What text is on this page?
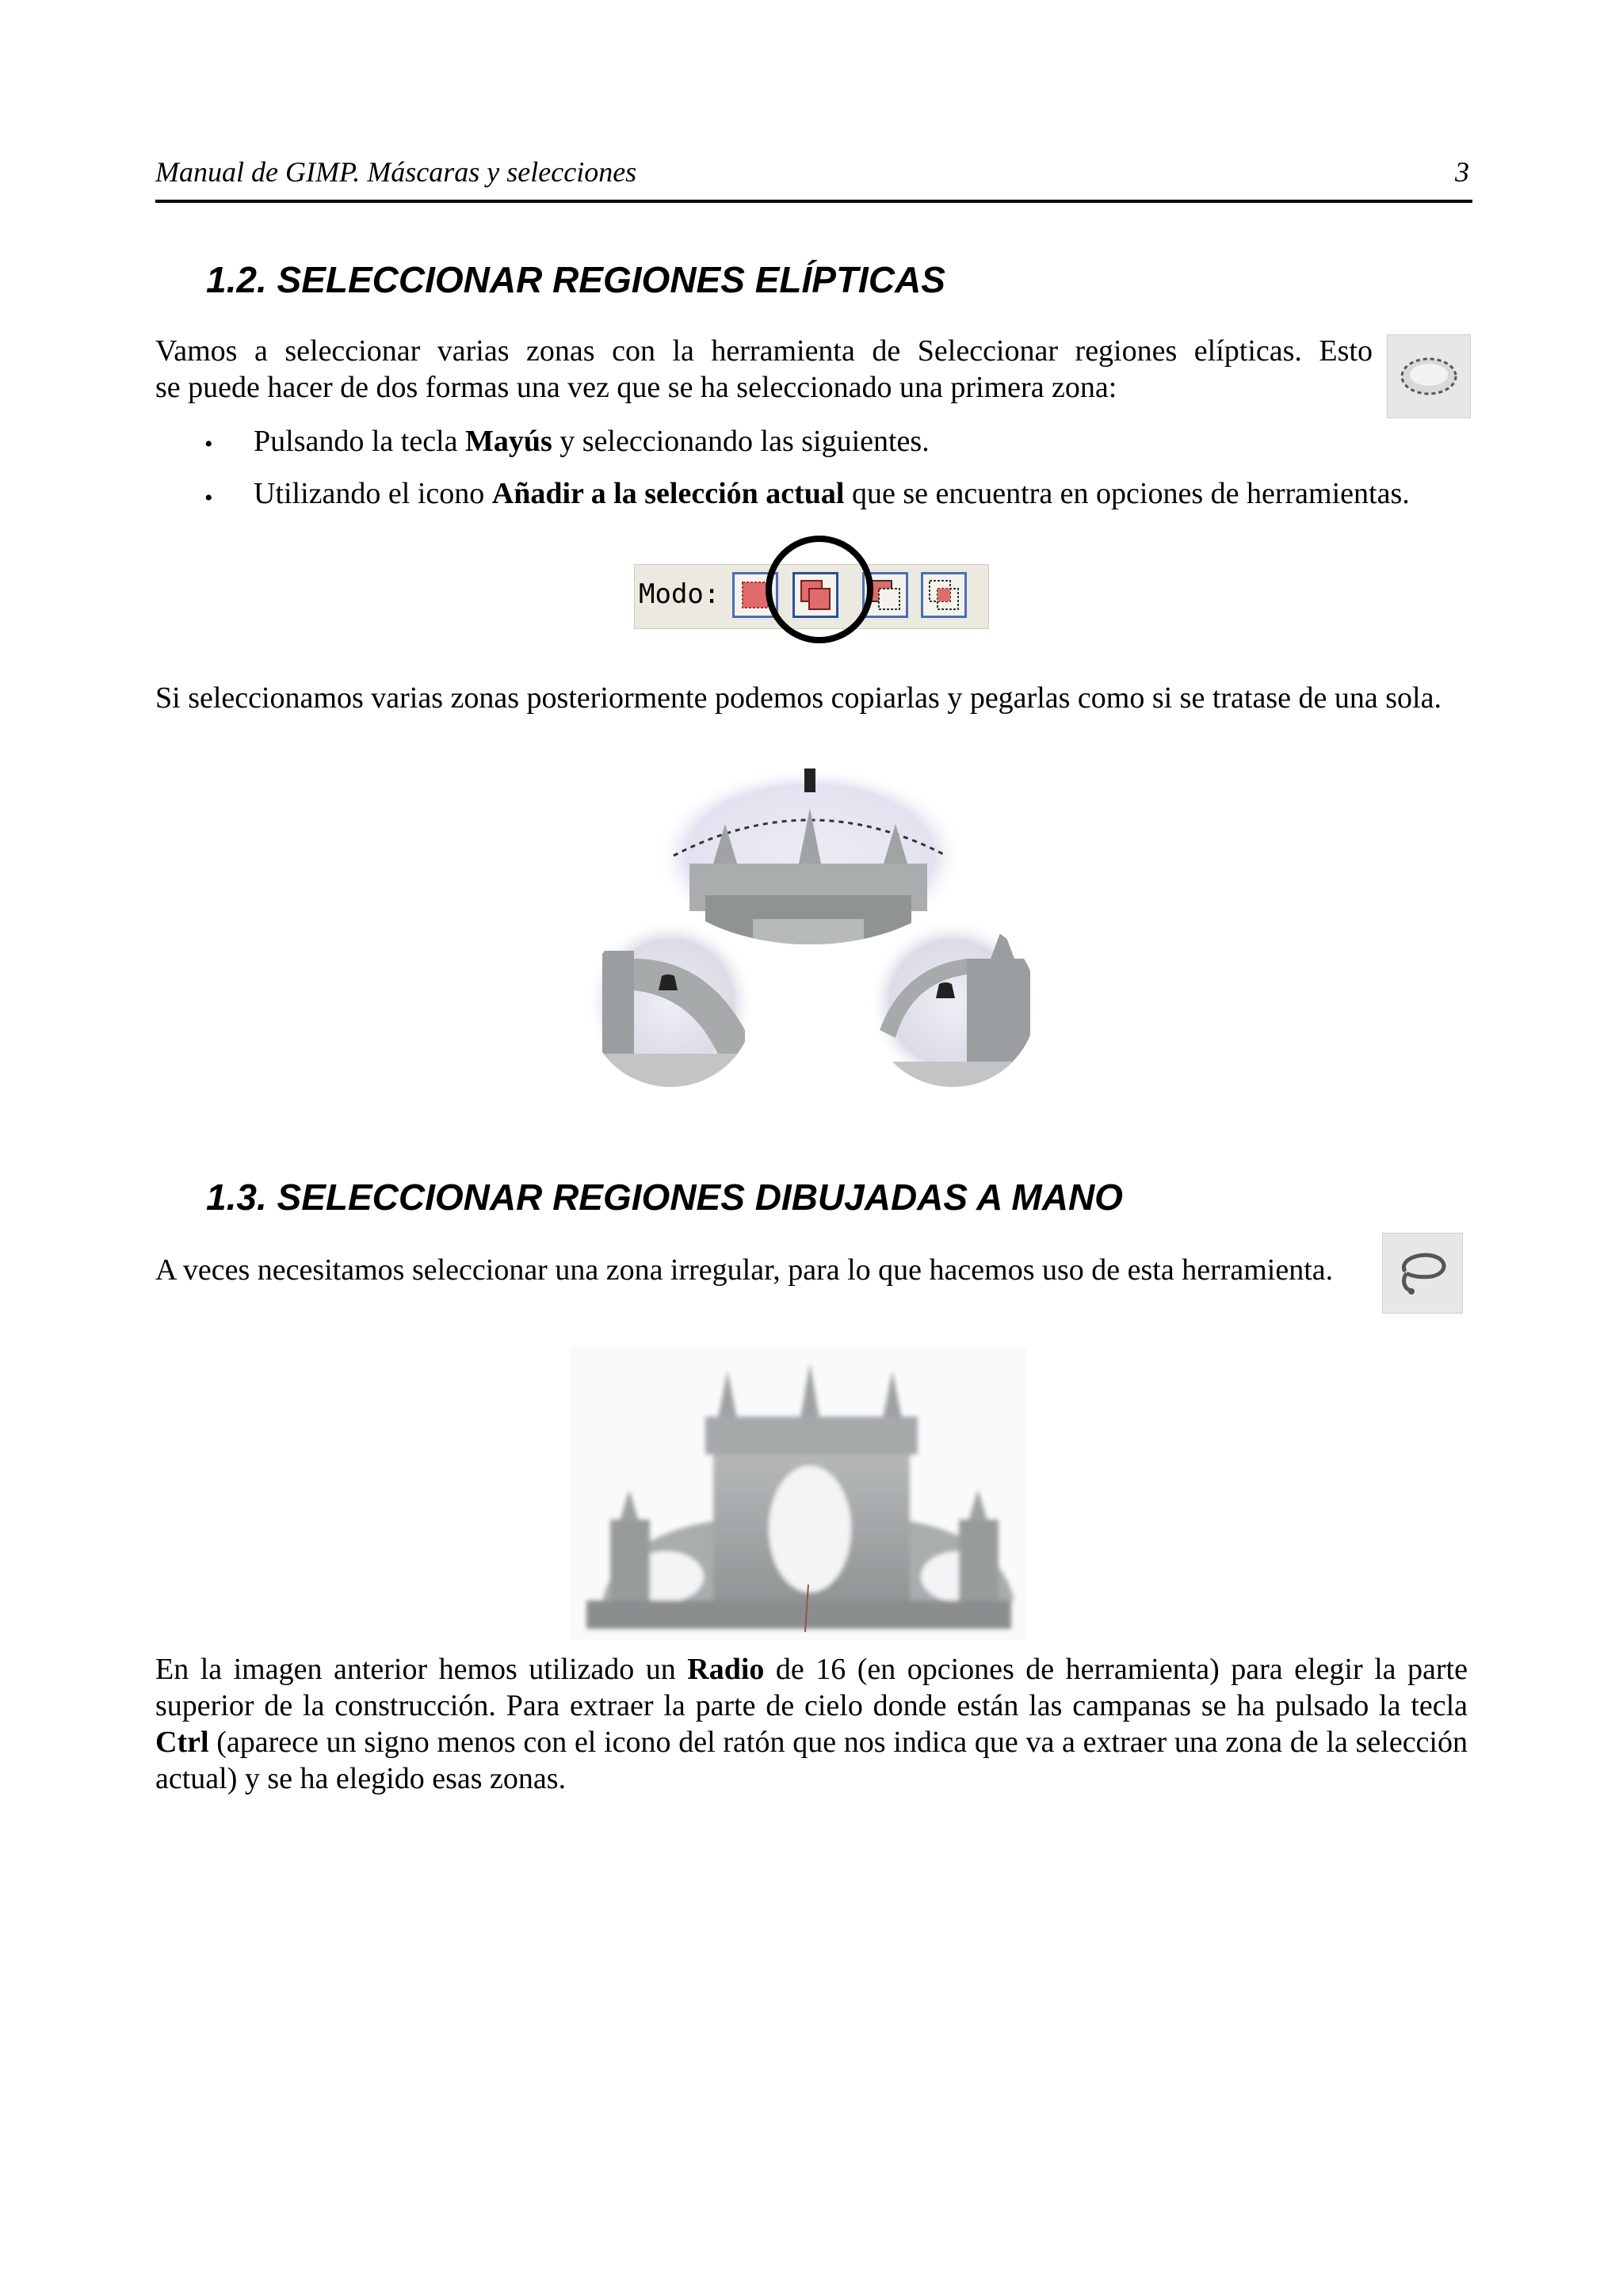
Manual de GIMP. Máscaras y selecciones	3
1.2. SELECCIONAR REGIONES ELÍPTICAS
Vamos a seleccionar varias zonas con la herramienta de Seleccionar regiones elípticas. Esto
se puede hacer de dos formas una vez que se ha seleccionado una primera zona:
• Pulsando la tecla Mayús y seleccionando las siguientes.
• Utilizando el icono Añadir a la selección actual que se encuentra en opciones de herramientas.
Modo:
Si seleccionamos varias zonas posteriormente podemos copiarlas y pegarlas como si se tratase de una sola.
1.3. SELECCIONAR REGIONES DIBUJADAS A MANO
A veces necesitamos seleccionar una zona irregular, para lo que hacemos uso de esta herramienta.
En la imagen anterior hemos utilizado un Radio de 16 (en opciones de herramienta) para elegir la parte superior de la construcción. Para extraer la parte de cielo donde están las campanas se ha pulsado la tecla Ctrl (aparece un signo menos con el icono del ratón que nos indica que va a extraer una zona de la selección actual) y se ha elegido esas zonas.
